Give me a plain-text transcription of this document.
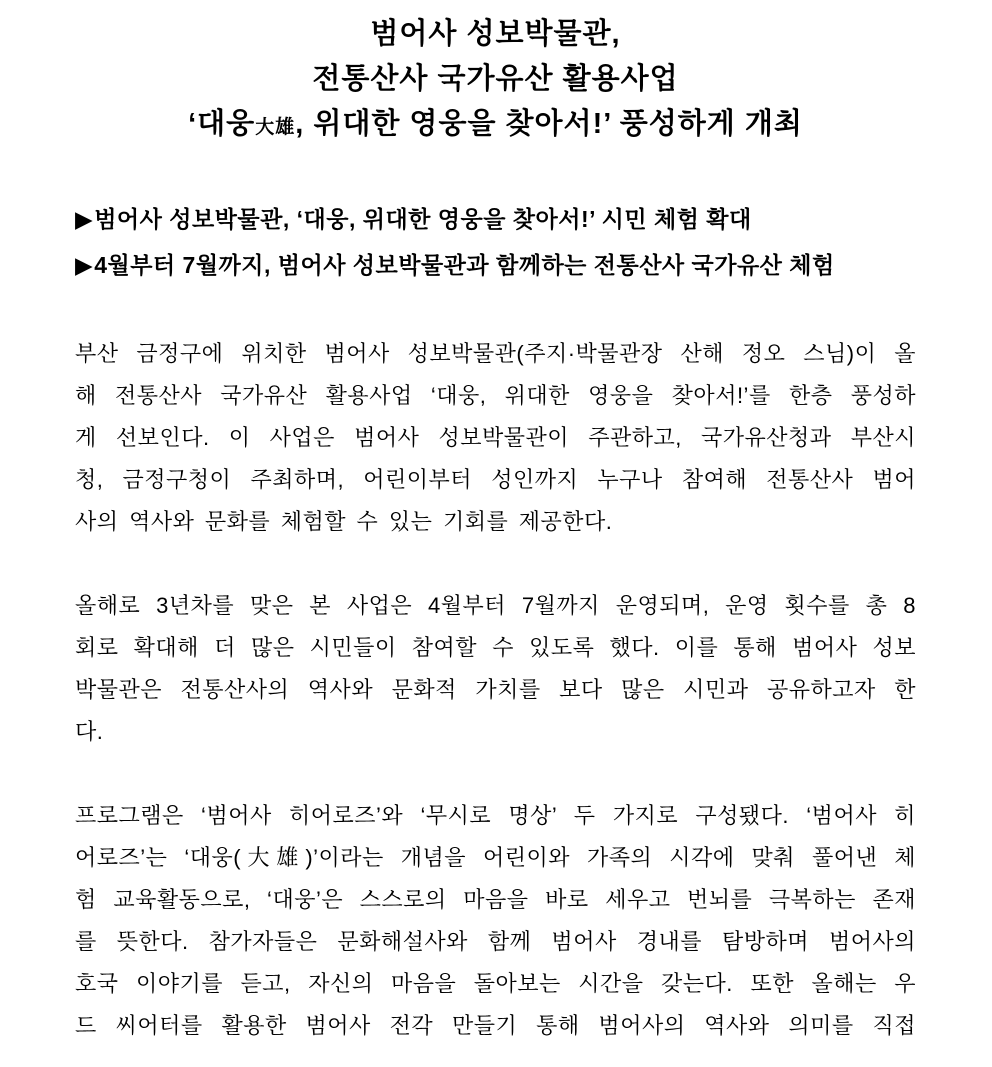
범어사 성보박물관,
전통산사 국가유산 활용사업
‘대웅大雄, 위대한 영웅을 찾아서!’ 풍성하게 개최
▶범어사 성보박물관, ‘대웅, 위대한 영웅을 찾아서!’ 시민 체험 확대
▶4월부터 7월까지, 범어사 성보박물관과 함께하는 전통산사 국가유산 체험
부산 금정구에 위치한 범어사 성보박물관(주지·박물관장 산해 정오 스님)이 올
해 전통산사 국가유산 활용사업 ‘대웅, 위대한 영웅을 찾아서!’를 한층 풍성하
게 선보인다. 이 사업은 범어사 성보박물관이 주관하고, 국가유산청과 부산시
청, 금정구청이 주최하며, 어린이부터 성인까지 누구나 참여해 전통산사 범어
사의 역사와 문화를 체험할 수 있는 기회를 제공한다.
올해로 3년차를 맞은 본 사업은 4월부터 7월까지 운영되며, 운영 횟수를 총 8
회로 확대해 더 많은 시민들이 참여할 수 있도록 했다. 이를 통해 범어사 성보
박물관은 전통산사의 역사와 문화적 가치를 보다 많은 시민과 공유하고자 한
다.
프로그램은 ‘범어사 히어로즈’와 ‘무시로 명상’ 두 가지로 구성됐다. ‘범어사 히
어로즈’는 ‘대웅(大雄)’이라는 개념을 어린이와 가족의 시각에 맞춰 풀어낸 체
험 교육활동으로, ‘대웅’은 스스로의 마음을 바로 세우고 번뇌를 극복하는 존재
를 뜻한다. 참가자들은 문화해설사와 함께 범어사 경내를 탐방하며 범어사의
호국 이야기를 듣고, 자신의 마음을 돌아보는 시간을 갖는다. 또한 올해는 우
드 씨어터를 활용한 범어사 전각 만들기 통해 범어사의 역사와 의미를 직접
